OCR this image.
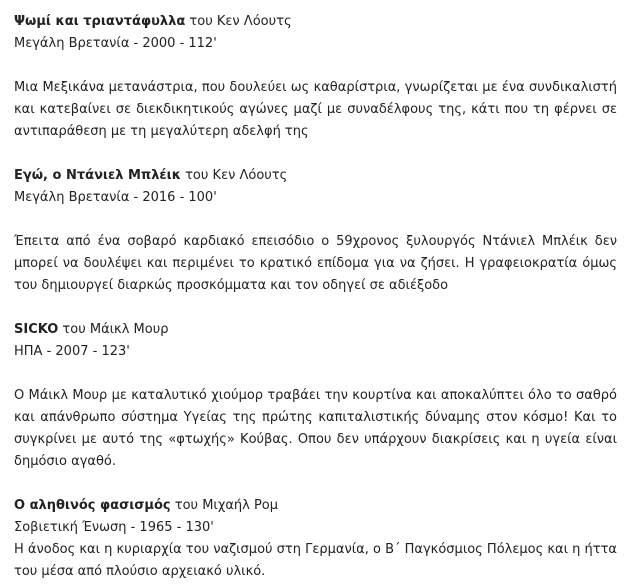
Ψωμί και τριαντάφυλλα του Κεν Λόουτς

Μεγάλη Βρετανία - 2000 - 112'

Μια Μεξικάνα μετανάστρια, που δουλεύει ως καθαρίστρια, γνωρίζεται με ένα συνδικαλιστή και κατεβαίνει σε διεκδικητικούς αγώνες μαζί με συναδέλφους της, κάτι που τη φέρνει σε αντιπαράθεση με τη μεγαλύτερη αδελφή της

Εγώ, ο Ντάνιελ Μπλέικ του Κεν Λόουτς

Μεγάλη Βρετανία - 2016 - 100'

Έπειτα από ένα σοβαρό καρδιακό επεισόδιο ο 59χρονος ξυλουργός Ντάνιελ Μπλέικ δεν μπορεί να δουλέψει και περιμένει το κρατικό επίδομα για να ζήσει. Η γραφειοκρατία όμως του δημιουργεί διαρκώς προσκόμματα και τον οδηγεί σε αδιέξοδο

SICKO του Μάικλ Μουρ

ΗΠΑ - 2007 - 123'

Ο Μάικλ Μουρ με καταλυτικό χιούμορ τραβάει την κουρτίνα και αποκαλύπτει όλο το σαθρό και απάνθρωπο σύστημα Υγείας της πρώτης καπιταλιστικής δύναμης στον κόσμο! Και το συγκρίνει με αυτό της «φτωχής» Κούβας. Οπου δεν υπάρχουν διακρίσεις και η υγεία είναι δημόσιο αγαθό.

Ο αληθινός φασισμός του Μιχαήλ Ρομ

Σοβιετική Ένωση - 1965 - 130'

Η άνοδος και η κυριαρχία του ναζισμού στη Γερμανία, ο Β΄ Παγκόσμιος Πόλεμος και η ήττα του μέσα από πλούσιο αρχειακό υλικό.
